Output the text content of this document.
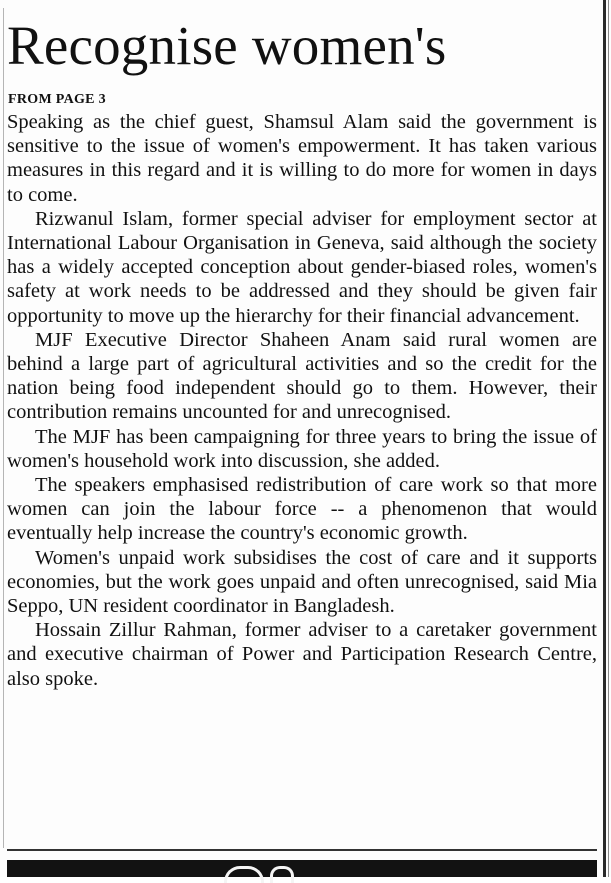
Recognise women's
FROM PAGE 3

Speaking as the chief guest, Shamsul Alam said the government is sensitive to the issue of women's empowerment. It has taken various measures in this regard and it is willing to do more for women in days to come.

Rizwanul Islam, former special adviser for employment sector at International Labour Organisation in Geneva, said although the society has a widely accepted conception about gender-biased roles, women's safety at work needs to be addressed and they should be given fair opportunity to move up the hierarchy for their financial advancement.

MJF Executive Director Shaheen Anam said rural women are behind a large part of agricultural activities and so the credit for the nation being food independent should go to them. However, their contribution remains uncounted for and unrecognised.

The MJF has been campaigning for three years to bring the issue of women's household work into discussion, she added.

The speakers emphasised redistribution of care work so that more women can join the labour force -- a phenomenon that would eventually help increase the country's economic growth.

Women's unpaid work subsidises the cost of care and it supports economies, but the work goes unpaid and often unrecognised, said Mia Seppo, UN resident coordinator in Bangladesh.

Hossain Zillur Rahman, former adviser to a caretaker government and executive chairman of Power and Participation Research Centre, also spoke.
